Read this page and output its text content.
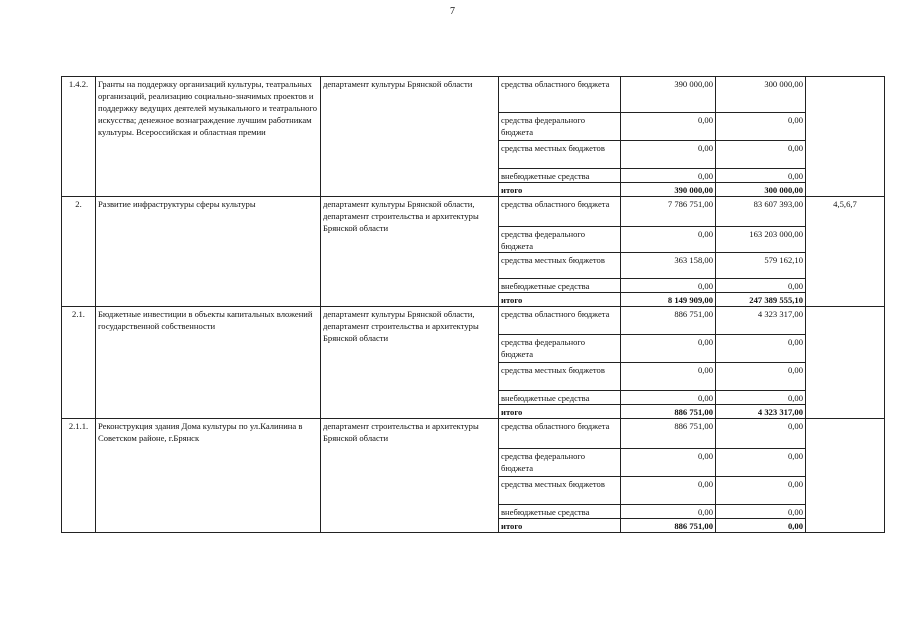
7
1.4.2.	Гранты на поддержку организаций культуры, театральных организаций, реализацию социально-значимых проектов и поддержку ведущих деятелей музыкального и театрального искусства; денежное вознаграждение лучшим работникам культуры. Всероссийская и областная премии	департамент культуры Брянской области	средства областного бюджета	390 000,00	300 000,00	
			средства федерального бюджета	0,00	0,00	
			средства местных бюджетов	0,00	0,00	
			внебюджетные средства	0,00	0,00	
			итого	390 000,00	300 000,00	
2.	Развитие инфраструктуры сферы культуры	департамент культуры Брянской области, департамент строительства и архитектуры Брянской области	средства областного бюджета	7 786 751,00	83 607 393,00	4,5,6,7
			средства федерального бюджета	0,00	163 203 000,00	
			средства местных бюджетов	363 158,00	579 162,10	
			внебюджетные средства	0,00	0,00	
			итого	8 149 909,00	247 389 555,10	
2.1.	Бюджетные инвестиции в объекты капитальных вложений государственной собственности	департамент культуры Брянской области, департамент строительства и архитектуры Брянской области	средства областного бюджета	886 751,00	4 323 317,00	
			средства федерального бюджета	0,00	0,00	
			средства местных бюджетов	0,00	0,00	
			внебюджетные средства	0,00	0,00	
			итого	886 751,00	4 323 317,00	
2.1.1.	Реконструкция здания Дома культуры по ул.Калинина в Советском районе, г.Брянск	департамент строительства и архитектуры Брянской области	средства областного бюджета	886 751,00	0,00	
			средства федерального бюджета	0,00	0,00	
			средства местных бюджетов	0,00	0,00	
			внебюджетные средства	0,00	0,00	
			итого	886 751,00	0,00	
